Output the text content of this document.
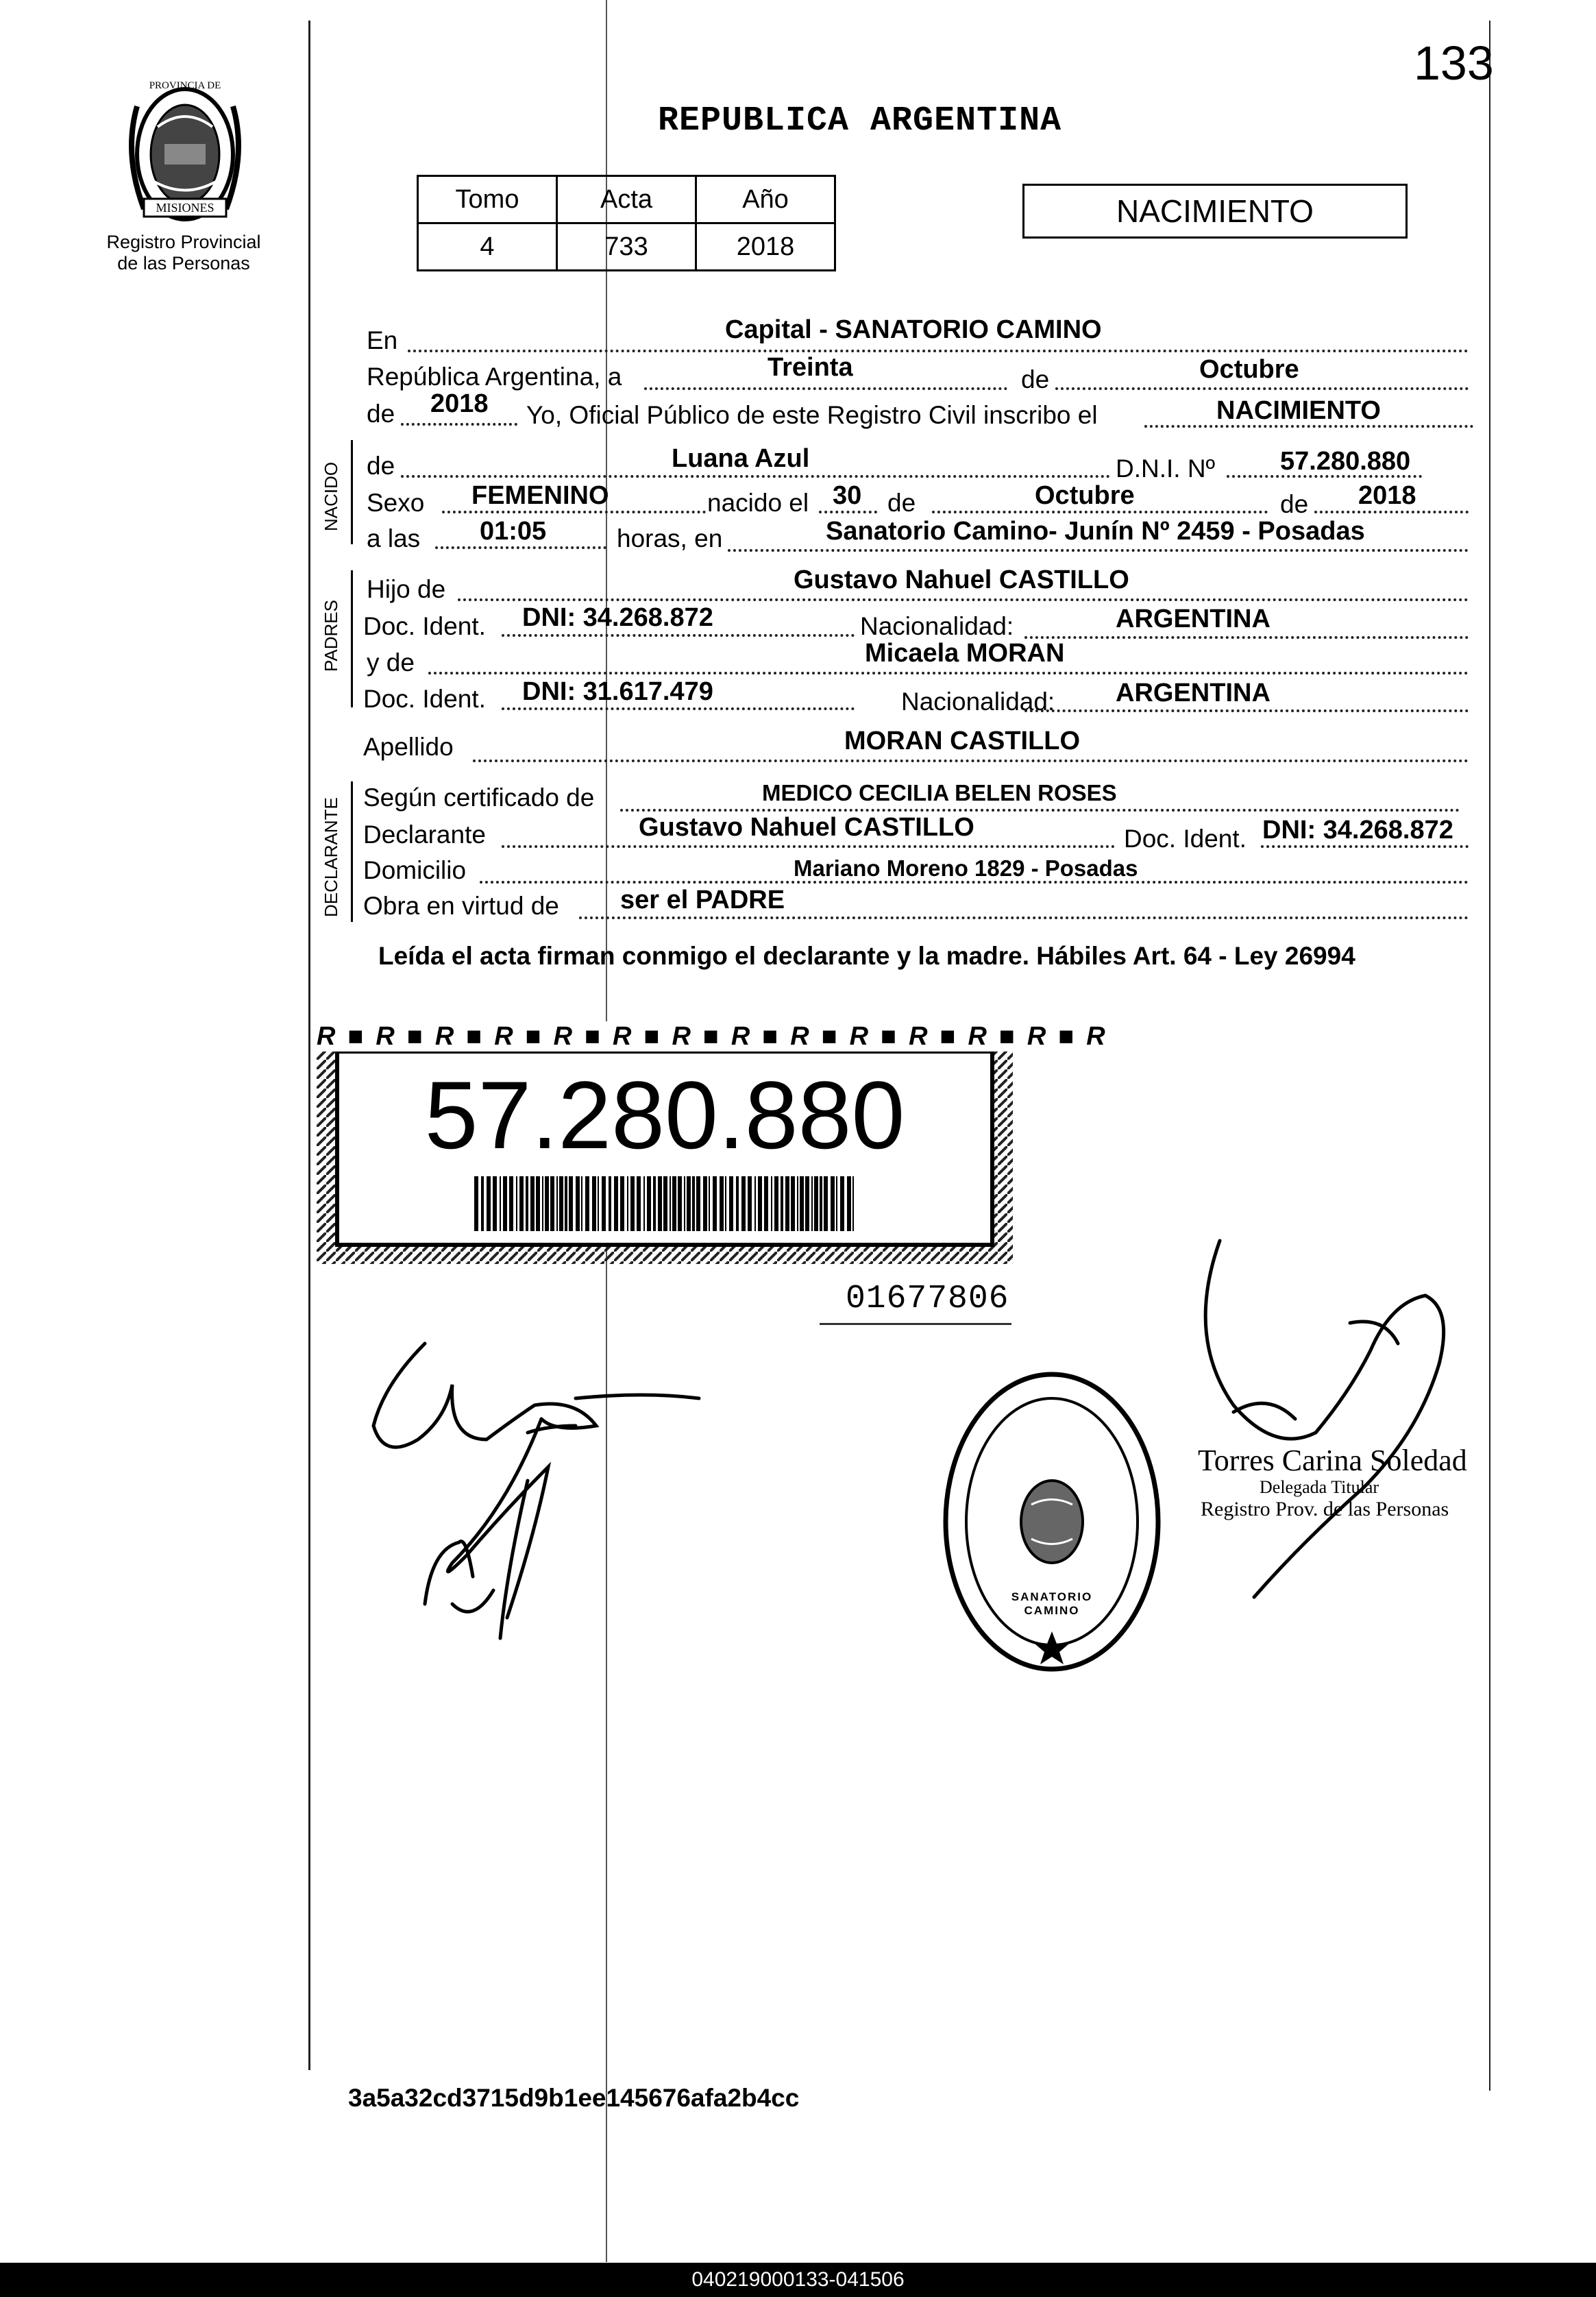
PROVINCIA DE
MISIONES
Registro Provincial
de las Personas
133
REPUBLICA ARGENTINA
Tomo	Acta	Año
4	733	2018
NACIMIENTO
En	Capital - SANATORIO CAMINO
República Argentina, a	Treinta	de	Octubre
de 2018 Yo, Oficial Público de este Registro Civil inscribo el	NACIMIENTO
NACIDO de	Luana Azul	D.N.I. Nº 57.280.880
Sexo FEMENINO	nacido el 30 de	Octubre	de 2018
a las 01:05	horas, en	Sanatorio Camino- Junín Nº 2459 - Posadas
PADRES
Hijo de	Gustavo Nahuel CASTILLO
Doc. Ident. DNI: 34.268.872	Nacionalidad:	ARGENTINA
y de	Micaela MORAN
Doc. Ident. DNI: 31.617.479	Nacionalidad: ARGENTINA
Apellido	MORAN CASTILLO
DECLARANTE Según certificado de	MEDICO CECILIA BELEN ROSES
Declarante	Gustavo Nahuel CASTILLO	Doc. Ident. DNI: 34.268.872
Domicilio	Mariano Moreno 1829 - Posadas
Obra en virtud de ser el PADRE
Leída el acta firman conmigo el declarante y la madre. Hábiles Art. 64 - Ley 26994
R■R■R■R■R■R■R■R■R■R■R■R■R■R
57.280.880
01677806
SANATORIO CAMINO
Torres Carina Soledad
Delegada Titular
Registro Prov. de las Personas
3a5a32cd3715d9b1ee145676afa2b4cc
040219000133-041506
